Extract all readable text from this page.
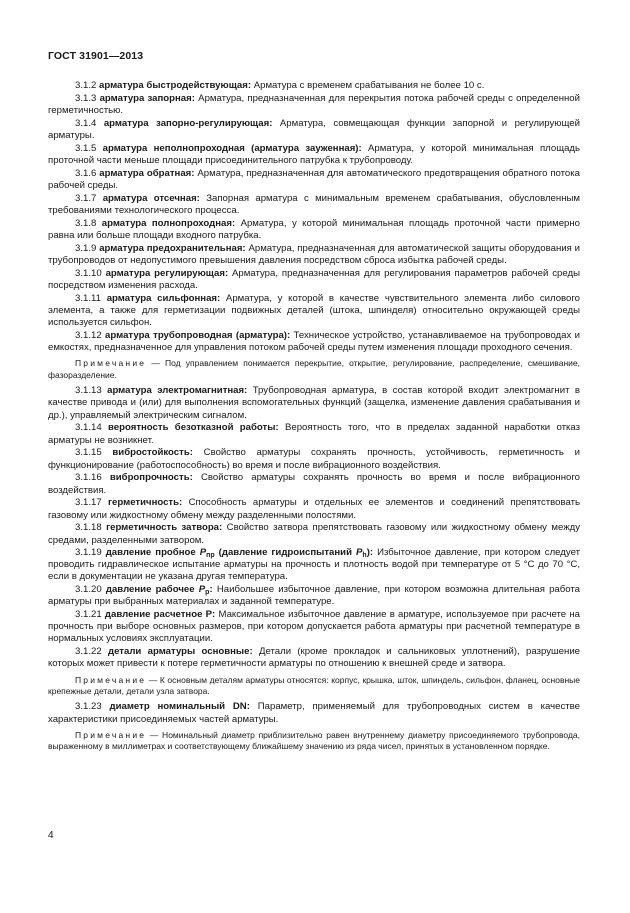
ГОСТ 31901—2013

3.1.2 арматура быстродействующая: Арматура с временем срабатывания не более 10 с.

3.1.3 арматура запорная: Арматура, предназначенная для перекрытия потока рабочей среды с определенной герметичностью.

3.1.4 арматура запорно-регулирующая: Арматура, совмещающая функции запорной и регулирующей арматуры.

3.1.5 арматура неполнопроходная (арматура зауженная): Арматура, у которой минимальная площадь проточной части меньше площади присоединительного патрубка к трубопроводу.

3.1.6 арматура обратная: Арматура, предназначенная для автоматического предотвращения обратного потока рабочей среды.

3.1.7 арматура отсечная: Запорная арматура с минимальным временем срабатывания, обусловленным требованиями технологического процесса.

3.1.8 арматура полнопроходная: Арматура, у которой минимальная площадь проточной части примерно равна или больше площади входного патрубка.

3.1.9 арматура предохранительная: Арматура, предназначенная для автоматической защиты оборудования и трубопроводов от недопустимого превышения давления посредством сброса избытка рабочей среды.

3.1.10 арматура регулирующая: Арматура, предназначенная для регулирования параметров рабочей среды посредством изменения расхода.

3.1.11 арматура сильфонная: Арматура, у которой в качестве чувствительного элемента либо силового элемента, а также для герметизации подвижных деталей (штока, шпинделя) относительно окружающей среды используется сильфон.

3.1.12 арматура трубопроводная (арматура): Техническое устройство, устанавливаемое на трубопроводах и емкостях, предназначенное для управления потоком рабочей среды путем изменения площади проходного сечения.

Примечание — Под управлением понимается перекрытие, открытие, регулирование, распределение, смешивание, фазоразделение.

3.1.13 арматура электромагнитная: Трубопроводная арматура, в состав которой входит электромагнит в качестве привода и (или) для выполнения вспомогательных функций (защелка, изменение давления срабатывания и др.), управляемый электрическим сигналом.

3.1.14 вероятность безотказной работы: Вероятность того, что в пределах заданной наработки отказ арматуры не возникнет.

3.1.15 вибростойкость: Свойство арматуры сохранять прочность, устойчивость, герметичность и функционирование (работоспособность) во время и после вибрационного воздействия.

3.1.16 вибропрочность: Свойство арматуры сохранять прочность во время и после вибрационного воздействия.

3.1.17 герметичность: Способность арматуры и отдельных ее элементов и соединений препятствовать газовому или жидкостному обмену между разделенными полостями.

3.1.18 герметичность затвора: Свойство затвора препятствовать газовому или жидкостному обмену между средами, разделенными затвором.

3.1.19 давление пробное $P_{пр}$ (давление гидроиспытаний $P_h$): Избыточное давление, при котором следует проводить гидравлическое испытание арматуры на прочность и плотность водой при температуре от 5 °С до 70 °С, если в документации не указана другая температура.

3.1.20 давление рабочее $P_р$: Наибольшее избыточное давление, при котором возможна длительная работа арматуры при выбранных материалах и заданной температуре.

3.1.21 давление расчетное P: Максимальное избыточное давление в арматуре, используемое при расчете на прочность при выборе основных размеров, при котором допускается работа арматуры при расчетной температуре в нормальных условиях эксплуатации.

3.1.22 детали арматуры основные: Детали (кроме прокладок и сальниковых уплотнений), разрушение которых может привести к потере герметичности арматуры по отношению к внешней среде и затвора.

Примечание — К основным деталям арматуры относятся: корпус, крышка, шток, шпиндель, сильфон, фланец, основные крепежные детали, детали узла затвора.

3.1.23 диаметр номинальный DN: Параметр, применяемый для трубопроводных систем в качестве характеристики присоединяемых частей арматуры.

Примечание — Номинальный диаметр приблизительно равен внутреннему диаметру присоединяемого трубопровода, выраженному в миллиметрах и соответствующему ближайшему значению из ряда чисел, принятых в установленном порядке.

4
